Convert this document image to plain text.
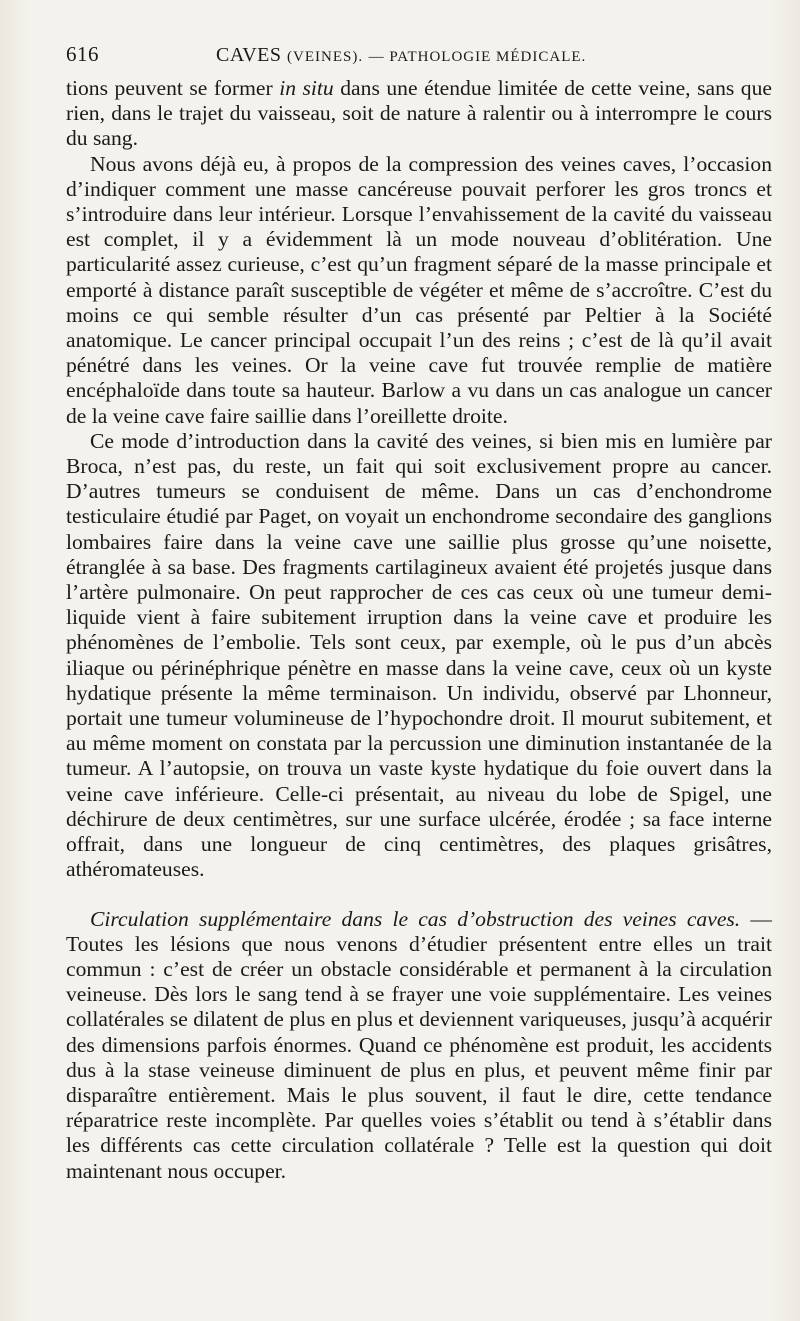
616	CAVES (VEINES). — PATHOLOGIE MÉDICALE.

tions peuvent se former in situ dans une étendue limitée de cette veine, sans que rien, dans le trajet du vaisseau, soit de nature à ralentir ou à interrompre le cours du sang.

Nous avons déjà eu, à propos de la compression des veines caves, l’occasion d’indiquer comment une masse cancéreuse pouvait perforer les gros troncs et s’introduire dans leur intérieur. Lorsque l’envahissement de la cavité du vaisseau est complet, il y a évidemment là un mode nouveau d’oblitération. Une particularité assez curieuse, c’est qu’un fragment séparé de la masse principale et emporté à distance paraît susceptible de végéter et même de s’accroître. C’est du moins ce qui semble résulter d’un cas présenté par Peltier à la Société anatomique. Le cancer principal occupait l’un des reins ; c’est de là qu’il avait pénétré dans les veines. Or la veine cave fut trouvée remplie de matière encéphaloïde dans toute sa hauteur. Barlow a vu dans un cas analogue un cancer de la veine cave faire saillie dans l’oreillette droite.

Ce mode d’introduction dans la cavité des veines, si bien mis en lumière par Broca, n’est pas, du reste, un fait qui soit exclusivement propre au cancer. D’autres tumeurs se conduisent de même. Dans un cas d’enchondrome testiculaire étudié par Paget, on voyait un enchondrome secondaire des ganglions lombaires faire dans la veine cave une saillie plus grosse qu’une noisette, étranglée à sa base. Des fragments cartilagineux avaient été projetés jusque dans l’artère pulmonaire. On peut rapprocher de ces cas ceux où une tumeur demi-liquide vient à faire subitement irruption dans la veine cave et produire les phénomènes de l’embolie. Tels sont ceux, par exemple, où le pus d’un abcès iliaque ou périnéphrique pénètre en masse dans la veine cave, ceux où un kyste hydatique présente la même terminaison. Un individu, observé par Lhonneur, portait une tumeur volumineuse de l’hypochondre droit. Il mourut subitement, et au même moment on constata par la percussion une diminution instantanée de la tumeur. A l’autopsie, on trouva un vaste kyste hydatique du foie ouvert dans la veine cave inférieure. Celle-ci présentait, au niveau du lobe de Spigel, une déchirure de deux centimètres, sur une surface ulcérée, érodée ; sa face interne offrait, dans une longueur de cinq centimètres, des plaques grisâtres, athéromateuses.

Circulation supplémentaire dans le cas d’obstruction des veines caves. — Toutes les lésions que nous venons d’étudier présentent entre elles un trait commun : c’est de créer un obstacle considérable et permanent à la circulation veineuse. Dès lors le sang tend à se frayer une voie supplémentaire. Les veines collatérales se dilatent de plus en plus et deviennent variqueuses, jusqu’à acquérir des dimensions parfois énormes. Quand ce phénomène est produit, les accidents dus à la stase veineuse diminuent de plus en plus, et peuvent même finir par disparaître entièrement. Mais le plus souvent, il faut le dire, cette tendance réparatrice reste incomplète. Par quelles voies s’établit ou tend à s’établir dans les différents cas cette circulation collatérale ? Telle est la question qui doit maintenant nous occuper.
